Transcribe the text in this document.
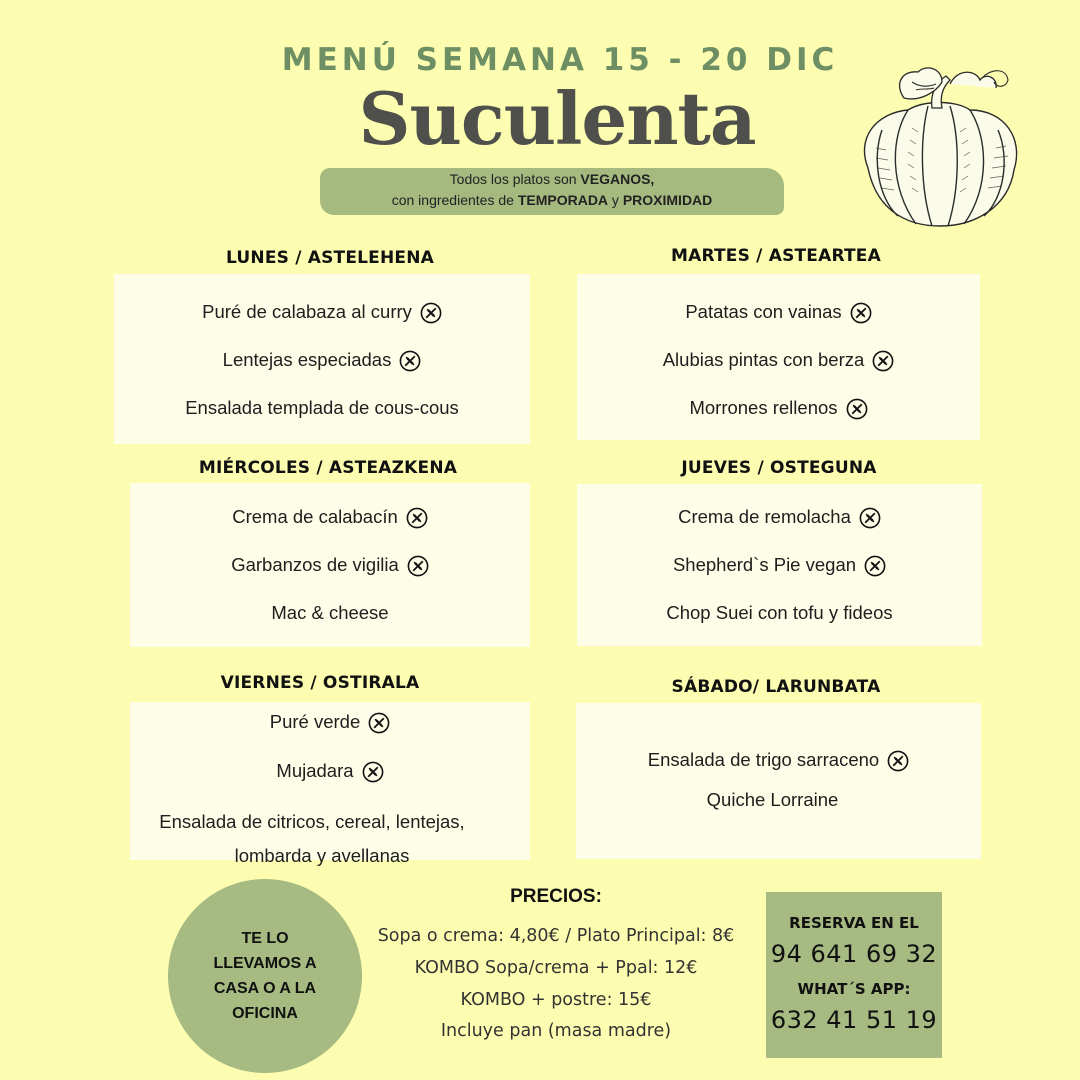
MENÚ SEMANA 15 - 20 DIC
Suculenta
Todos los platos son VEGANOS,
con ingredientes de TEMPORADA y PROXIMIDAD
LUNES / ASTELEHENA
Puré de calabaza al curry
Lentejas especiadas
Ensalada templada de cous-cous
MARTES / ASTEARTEA
Patatas con vainas
Alubias pintas con berza
Morrones rellenos
MIÉRCOLES / ASTEAZKENA
Crema de calabacín
Garbanzos de vigilia
Mac & cheese
JUEVES / OSTEGUNA
Crema de remolacha
Shepherd`s Pie vegan
Chop Suei con tofu y fideos
VIERNES / OSTIRALA
Puré verde
Mujadara
Ensalada de citricos, cereal, lentejas,
lombarda y avellanas
SÁBADO/ LARUNBATA
Ensalada de trigo sarraceno
Quiche Lorraine
TE LO
LLEVAMOS A
CASA O A LA
OFICINA
PRECIOS:
Sopa o crema: 4,80€ / Plato Principal: 8€
KOMBO Sopa/crema + Ppal: 12€
KOMBO + postre: 15€
Incluye pan (masa madre)
RESERVA EN EL
94 641 69 32
WHAT´S APP:
632 41 51 19
